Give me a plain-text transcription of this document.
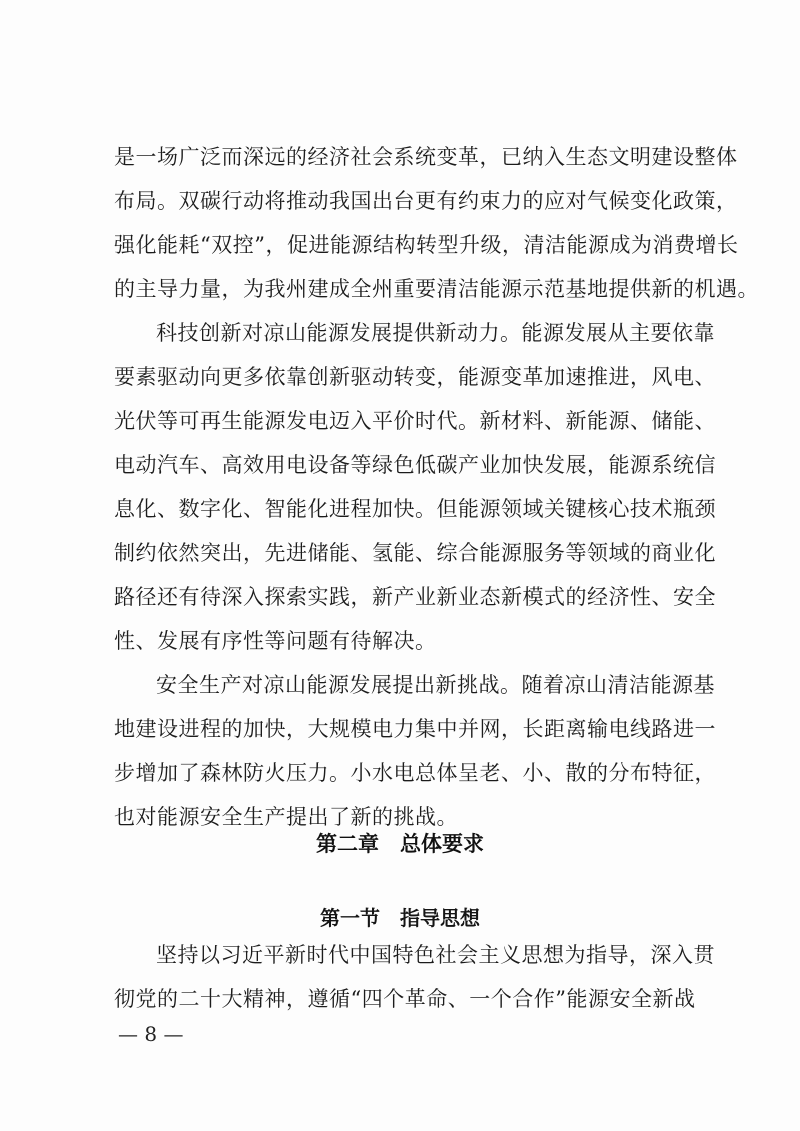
是一场广泛而深远的经济社会系统变革，已纳入生态文明建设整体
布局。双碳行动将推动我国出台更有约束力的应对气候变化政策，
强化能耗“双控”，促进能源结构转型升级，清洁能源成为消费增长
的主导力量，为我州建成全州重要清洁能源示范基地提供新的机遇。
科技创新对凉山能源发展提供新动力。能源发展从主要依靠
要素驱动向更多依靠创新驱动转变，能源变革加速推进，风电、
光伏等可再生能源发电迈入平价时代。新材料、新能源、储能、
电动汽车、高效用电设备等绿色低碳产业加快发展，能源系统信
息化、数字化、智能化进程加快。但能源领域关键核心技术瓶颈
制约依然突出，先进储能、氢能、综合能源服务等领域的商业化
路径还有待深入探索实践，新产业新业态新模式的经济性、安全
性、发展有序性等问题有待解决。
安全生产对凉山能源发展提出新挑战。随着凉山清洁能源基
地建设进程的加快，大规模电力集中并网，长距离输电线路进一
步增加了森林防火压力。小水电总体呈老、小、散的分布特征，
也对能源安全生产提出了新的挑战。
第二章　总体要求
第一节　指导思想
坚持以习近平新时代中国特色社会主义思想为指导，深入贯
彻党的二十大精神，遵循“四个革命、一个合作”能源安全新战
— 8 —
